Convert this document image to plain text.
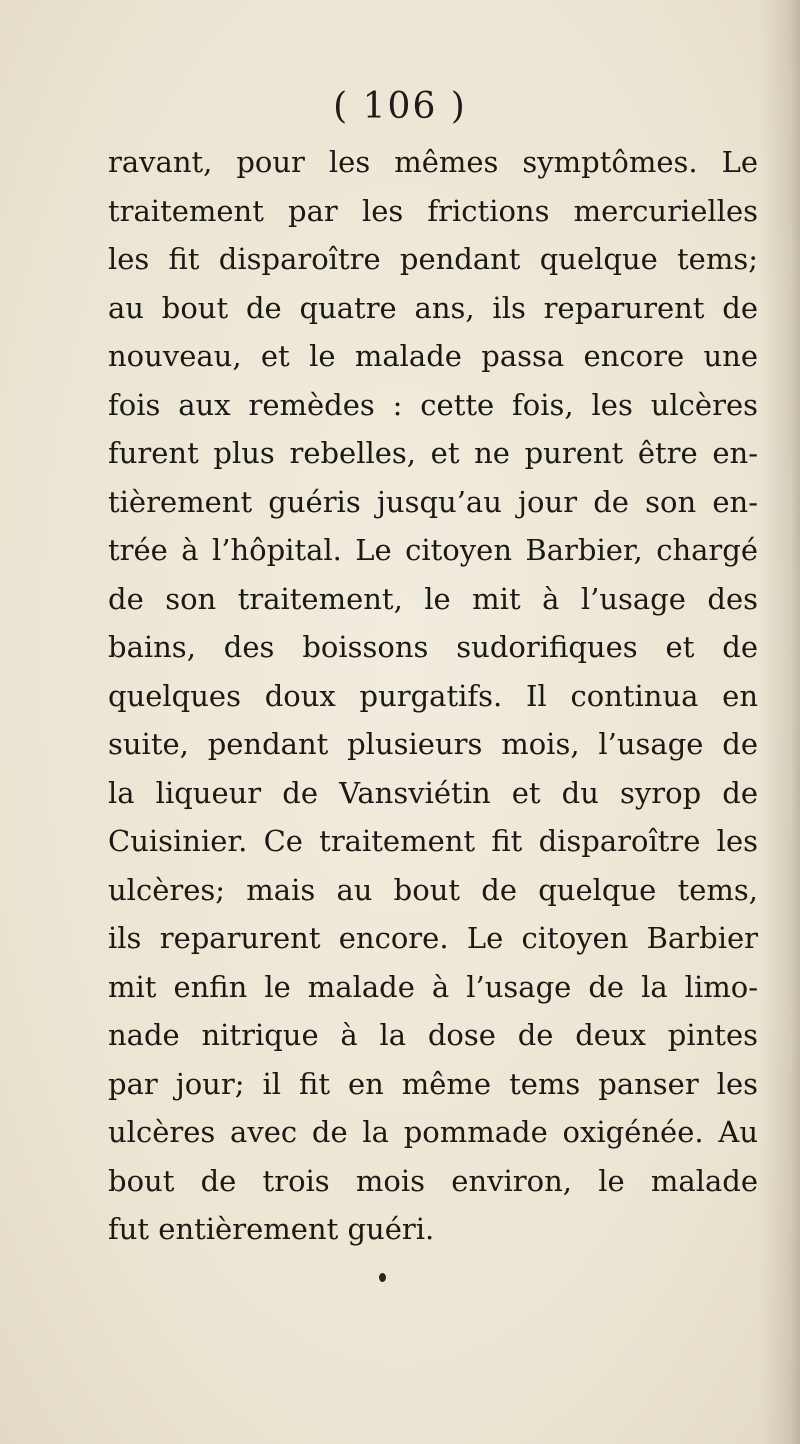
( 106 )
ravant, pour les mêmes symptômes. Le
traitement par les frictions mercurielles
les fit disparoître pendant quelque tems;
au bout de quatre ans, ils reparurent de
nouveau, et le malade passa encore une
fois aux remèdes : cette fois, les ulcères
furent plus rebelles, et ne purent être en-
tièrement guéris jusqu’au jour de son en-
trée à l’hôpital. Le citoyen Barbier, chargé
de son traitement, le mit à l’usage des
bains, des boissons sudorifiques et de
quelques doux purgatifs. Il continua en
suite, pendant plusieurs mois, l’usage de
la liqueur de Vansviétin et du syrop de
Cuisinier. Ce traitement fit disparoître les
ulcères; mais au bout de quelque tems,
ils reparurent encore. Le citoyen Barbier
mit enfin le malade à l’usage de la limo-
nade nitrique à la dose de deux pintes
par jour; il fit en même tems panser les
ulcères avec de la pommade oxigénée. Au
bout de trois mois environ, le malade
fut entièrement guéri.
